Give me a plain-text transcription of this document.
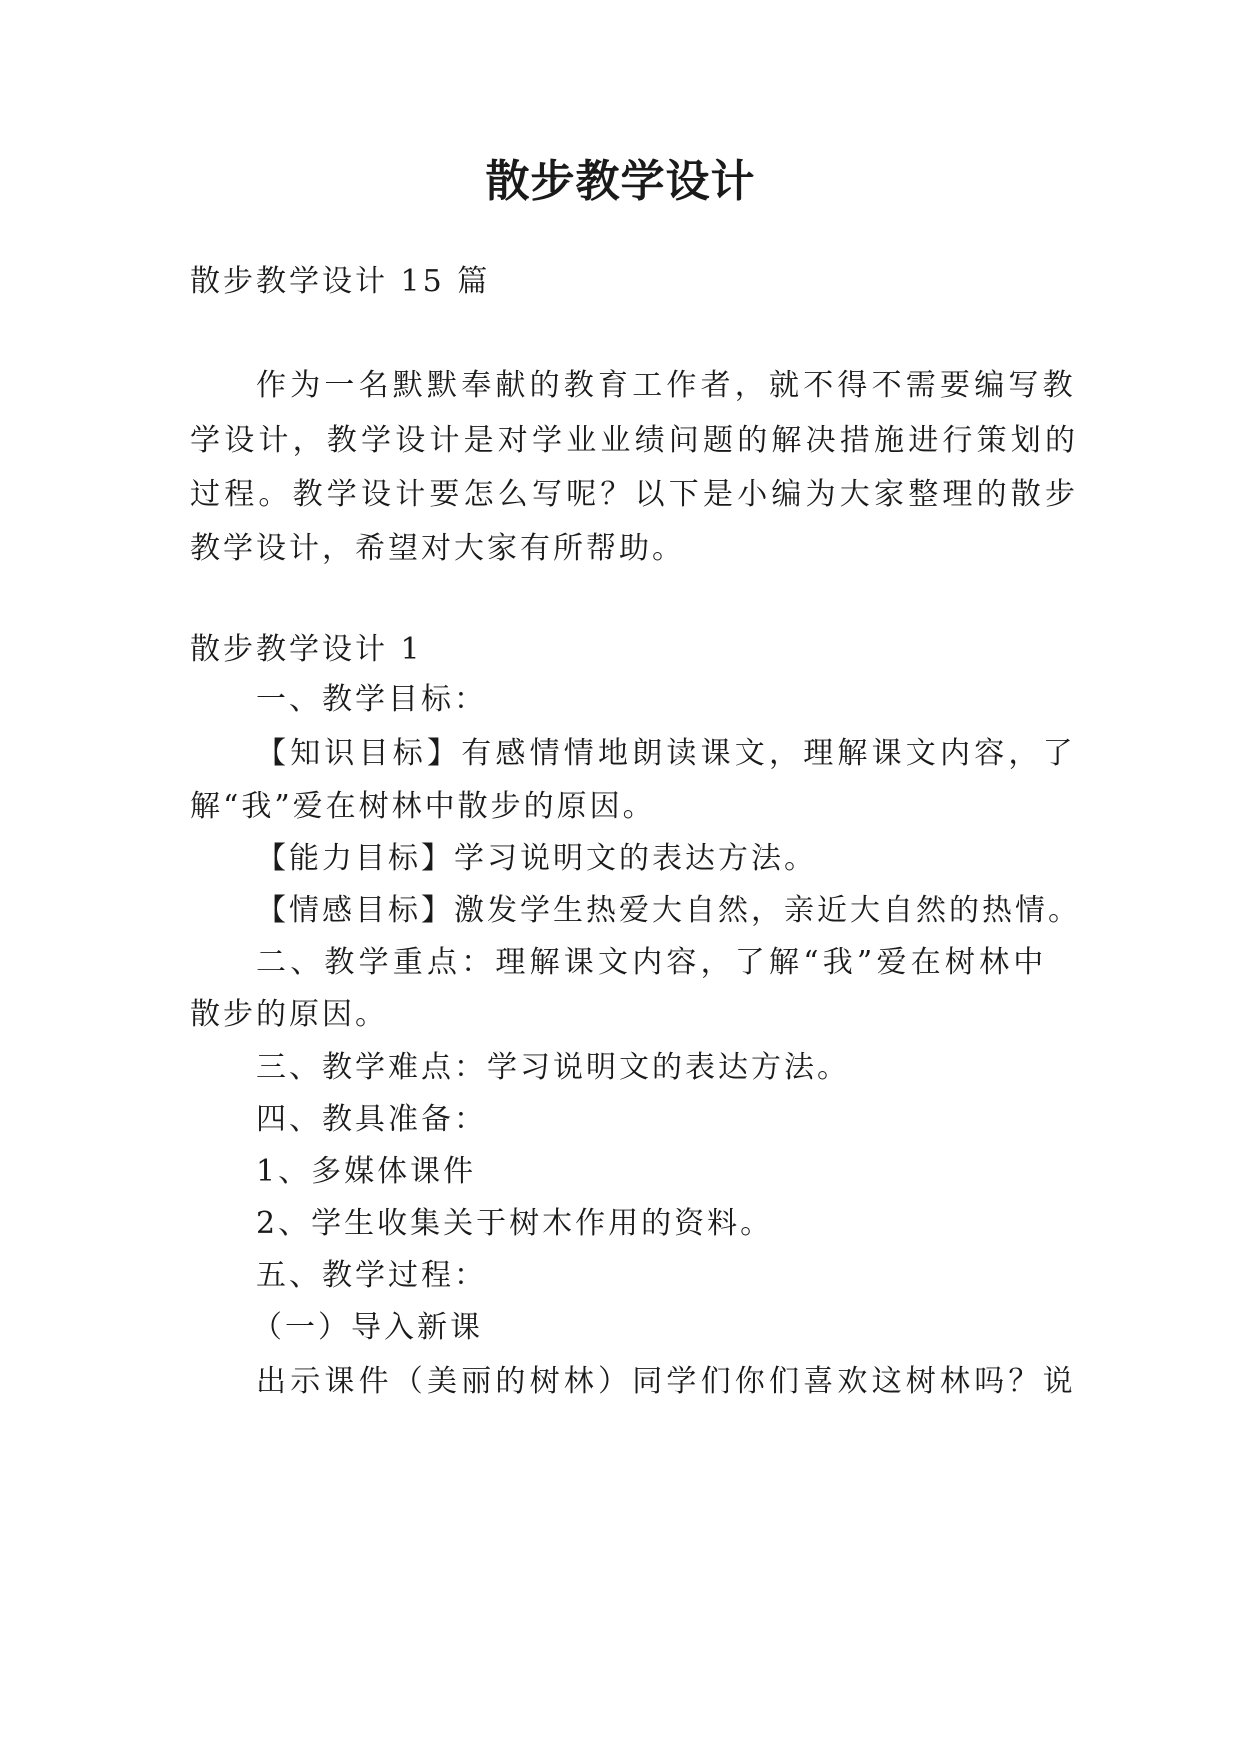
散步教学设计
散步教学设计 15 篇
作为一名默默奉献的教育工作者，就不得不需要编写教
学设计，教学设计是对学业业绩问题的解决措施进行策划的
过程。教学设计要怎么写呢？以下是小编为大家整理的散步
教学设计，希望对大家有所帮助。
散步教学设计 1
一、教学目标：
【知识目标】有感情情地朗读课文，理解课文内容，了
解“我”爱在树林中散步的原因。
【能力目标】学习说明文的表达方法。
【情感目标】激发学生热爱大自然，亲近大自然的热情。
二、教学重点：理解课文内容，了解“我”爱在树林中
散步的原因。
三、教学难点：学习说明文的表达方法。
四、教具准备：
1、多媒体课件
2、学生收集关于树木作用的资料。
五、教学过程：
（一）导入新课
出示课件（美丽的树林）同学们你们喜欢这树林吗？说
